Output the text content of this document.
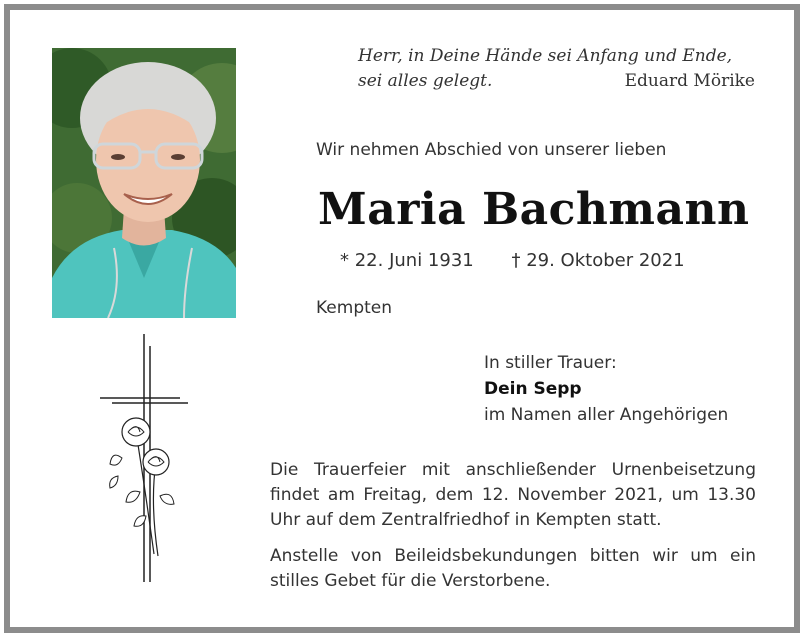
Herr, in Deine Hände sei Anfang und Ende,
sei alles gelegt.	Eduard Mörike
Wir nehmen Abschied von unserer lieben
Maria Bachmann
* 22. Juni 1931 † 29. Oktober 2021
Kempten
In stiller Trauer:
Dein Sepp
im Namen aller Angehörigen

Die Trauerfeier mit anschließender Urnenbeisetzung findet am Freitag, dem 12. November 2021, um 13.30 Uhr auf dem Zentralfriedhof in Kempten statt.

Anstelle von Beileidsbekundungen bitten wir um ein stilles Gebet für die Verstorbene.
